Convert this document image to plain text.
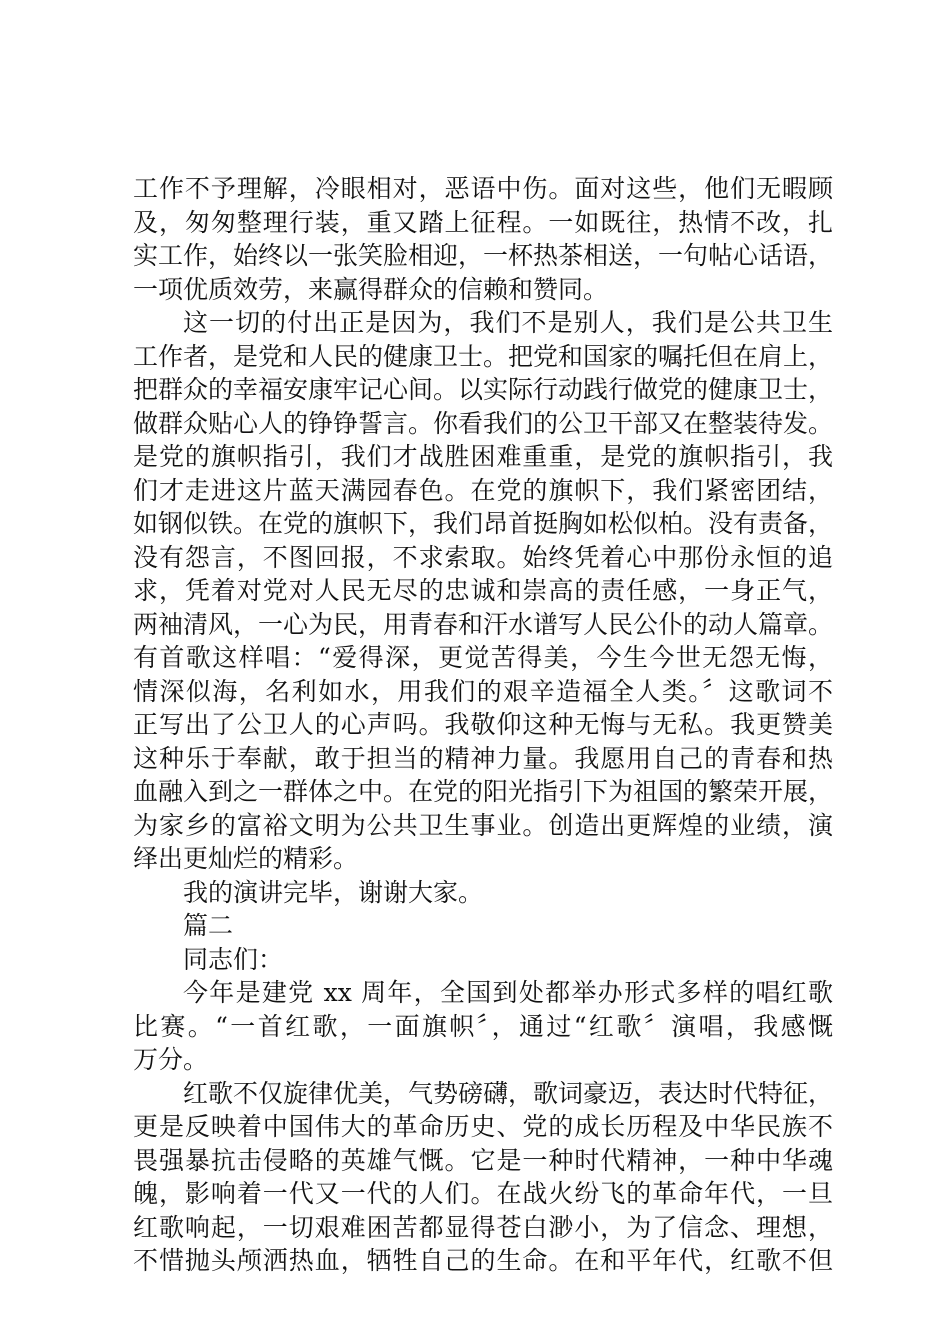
工作不予理解，冷眼相对，恶语中伤。面对这些，他们无暇顾
及，匆匆整理行装，重又踏上征程。一如既往，热情不改，扎
实工作，始终以一张笑脸相迎，一杯热茶相送，一句帖心话语，
一项优质效劳，来赢得群众的信赖和赞同。
这一切的付出正是因为，我们不是别人，我们是公共卫生
工作者，是党和人民的健康卫士。把党和国家的嘱托但在肩上，
把群众的幸福安康牢记心间。以实际行动践行做党的健康卫士，
做群众贴心人的铮铮誓言。你看我们的公卫干部又在整装待发。
是党的旗帜指引，我们才战胜困难重重，是党的旗帜指引，我
们才走进这片蓝天满园春色。在党的旗帜下，我们紧密团结，
如钢似铁。在党的旗帜下，我们昂首挺胸如松似柏。没有责备，
没有怨言，不图回报，不求索取。始终凭着心中那份永恒的追
求，凭着对党对人民无尽的忠诚和崇高的责任感，一身正气，
两袖清风，一心为民，用青春和汗水谱写人民公仆的动人篇章。
有首歌这样唱：“爱得深，更觉苦得美，今生今世无怨无悔，
情深似海，名利如水，用我们的艰辛造福全人类。〞这歌词不
正写出了公卫人的心声吗。我敬仰这种无悔与无私。我更赞美
这种乐于奉献，敢于担当的精神力量。我愿用自己的青春和热
血融入到之一群体之中。在党的阳光指引下为祖国的繁荣开展，
为家乡的富裕文明为公共卫生事业。创造出更辉煌的业绩，演
绎出更灿烂的精彩。
我的演讲完毕，谢谢大家。
篇二
同志们：
今年是建党 xx 周年，全国到处都举办形式多样的唱红歌
比赛。“一首红歌，一面旗帜〞，通过“红歌〞演唱，我感慨
万分。
红歌不仅旋律优美，气势磅礴，歌词豪迈，表达时代特征，
更是反映着中国伟大的革命历史、党的成长历程及中华民族不
畏强暴抗击侵略的英雄气慨。它是一种时代精神，一种中华魂
魄，影响着一代又一代的人们。在战火纷飞的革命年代，一旦
红歌响起，一切艰难困苦都显得苍白渺小，为了信念、理想，
不惜抛头颅洒热血，牺牲自己的生命。在和平年代，红歌不但
